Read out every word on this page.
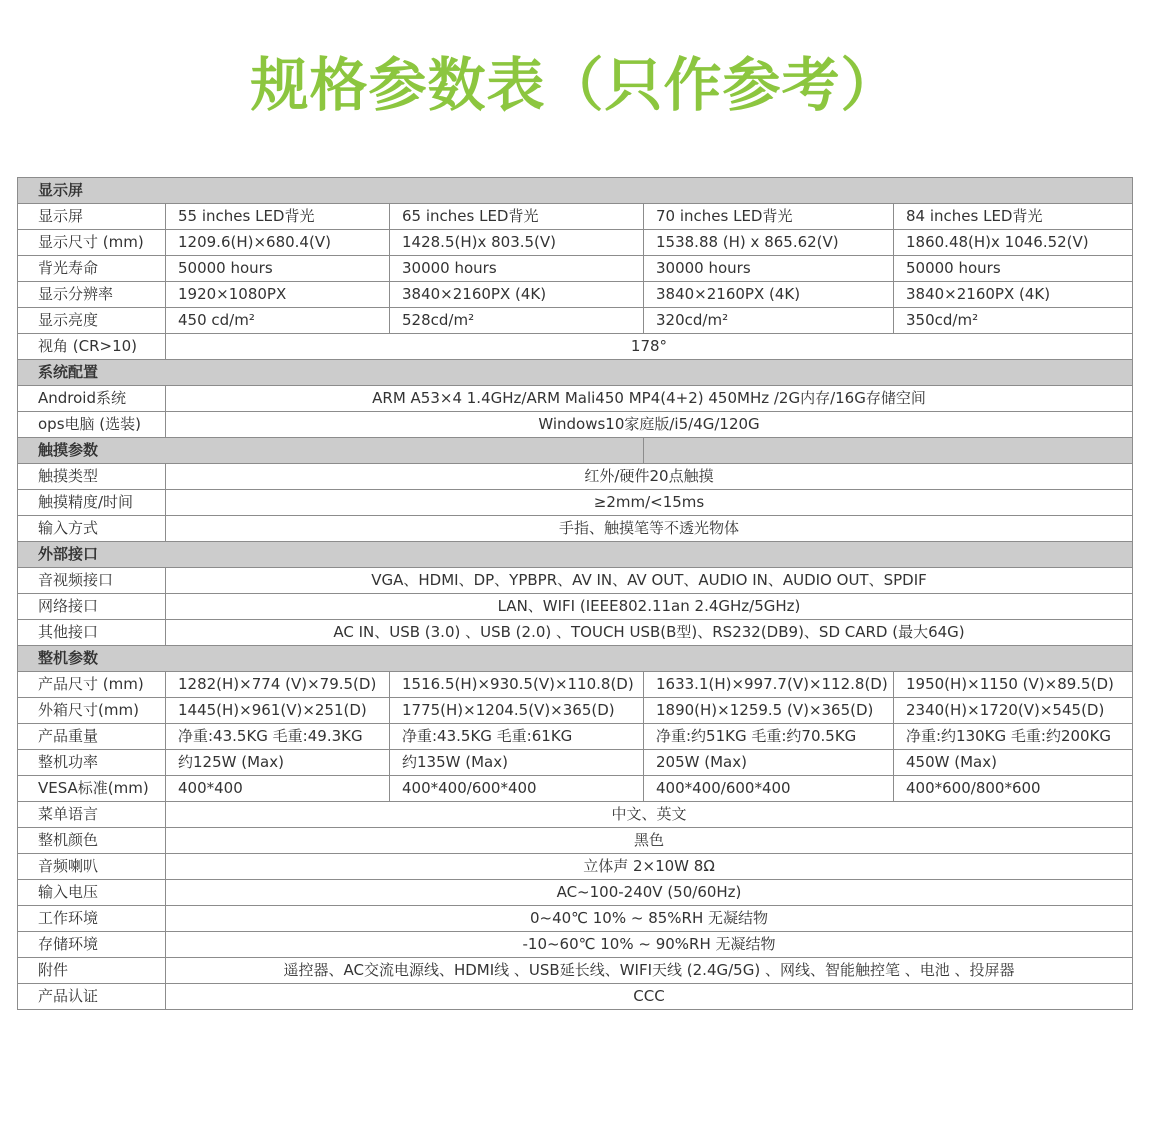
规格参数表（只作参考）
显示屏				
显示屏	55 inches LED背光	65 inches LED背光	70 inches LED背光	84 inches LED背光
显示尺寸 (mm)	1209.6(H)×680.4(V)	1428.5(H)x 803.5(V)	1538.88 (H) x 865.62(V)	1860.48(H)x 1046.52(V)
背光寿命	50000 hours	30000 hours	30000 hours	50000 hours
显示分辨率	1920×1080PX	3840×2160PX (4K)	3840×2160PX (4K)	3840×2160PX (4K)
显示亮度	450 cd/m²	528cd/m²	320cd/m²	350cd/m²
视角 (CR>10)	178°			
系统配置				
Android系统	ARM A53×4 1.4GHz/ARM Mali450 MP4(4+2) 450MHz /2G内存/16G存储空间			
ops电脑 (选装)	Windows10家庭版/i5/4G/120G			
触摸参数				
触摸类型	红外/硬件20点触摸			
触摸精度/时间	≥2mm/<15ms			
输入方式	手指、触摸笔等不透光物体			
外部接口				
音视频接口	VGA、HDMI、DP、YPBPR、AV IN、AV OUT、AUDIO IN、AUDIO OUT、SPDIF			
网络接口	LAN、WIFI (IEEE802.11an 2.4GHz/5GHz)			
其他接口	AC IN、USB (3.0) 、USB (2.0) 、TOUCH USB(B型)、RS232(DB9)、SD CARD (最大64G)			
整机参数				
产品尺寸 (mm)	1282(H)×774 (V)×79.5(D)	1516.5(H)×930.5(V)×110.8(D)	1633.1(H)×997.7(V)×112.8(D)	1950(H)×1150 (V)×89.5(D)
外箱尺寸(mm)	1445(H)×961(V)×251(D)	1775(H)×1204.5(V)×365(D)	1890(H)×1259.5 (V)×365(D)	2340(H)×1720(V)×545(D)
产品重量	净重:43.5KG 毛重:49.3KG	净重:43.5KG 毛重:61KG	净重:约51KG 毛重:约70.5KG	净重:约130KG 毛重:约200KG
整机功率	约125W (Max)	约135W (Max)	205W (Max)	450W (Max)
VESA标准(mm)	400*400	400*400/600*400	400*400/600*400	400*600/800*600
菜单语言	中文、英文			
整机颜色	黑色			
音频喇叭	立体声 2×10W 8Ω			
输入电压	AC~100-240V (50/60Hz)			
工作环境	0~40℃ 10% ~ 85%RH 无凝结物			
存储环境	-10~60℃ 10% ~ 90%RH 无凝结物			
附件	遥控器、AC交流电源线、HDMI线 、USB延长线、WIFI天线 (2.4G/5G) 、网线、智能触控笔 、电池 、投屏器			
产品认证	CCC			
